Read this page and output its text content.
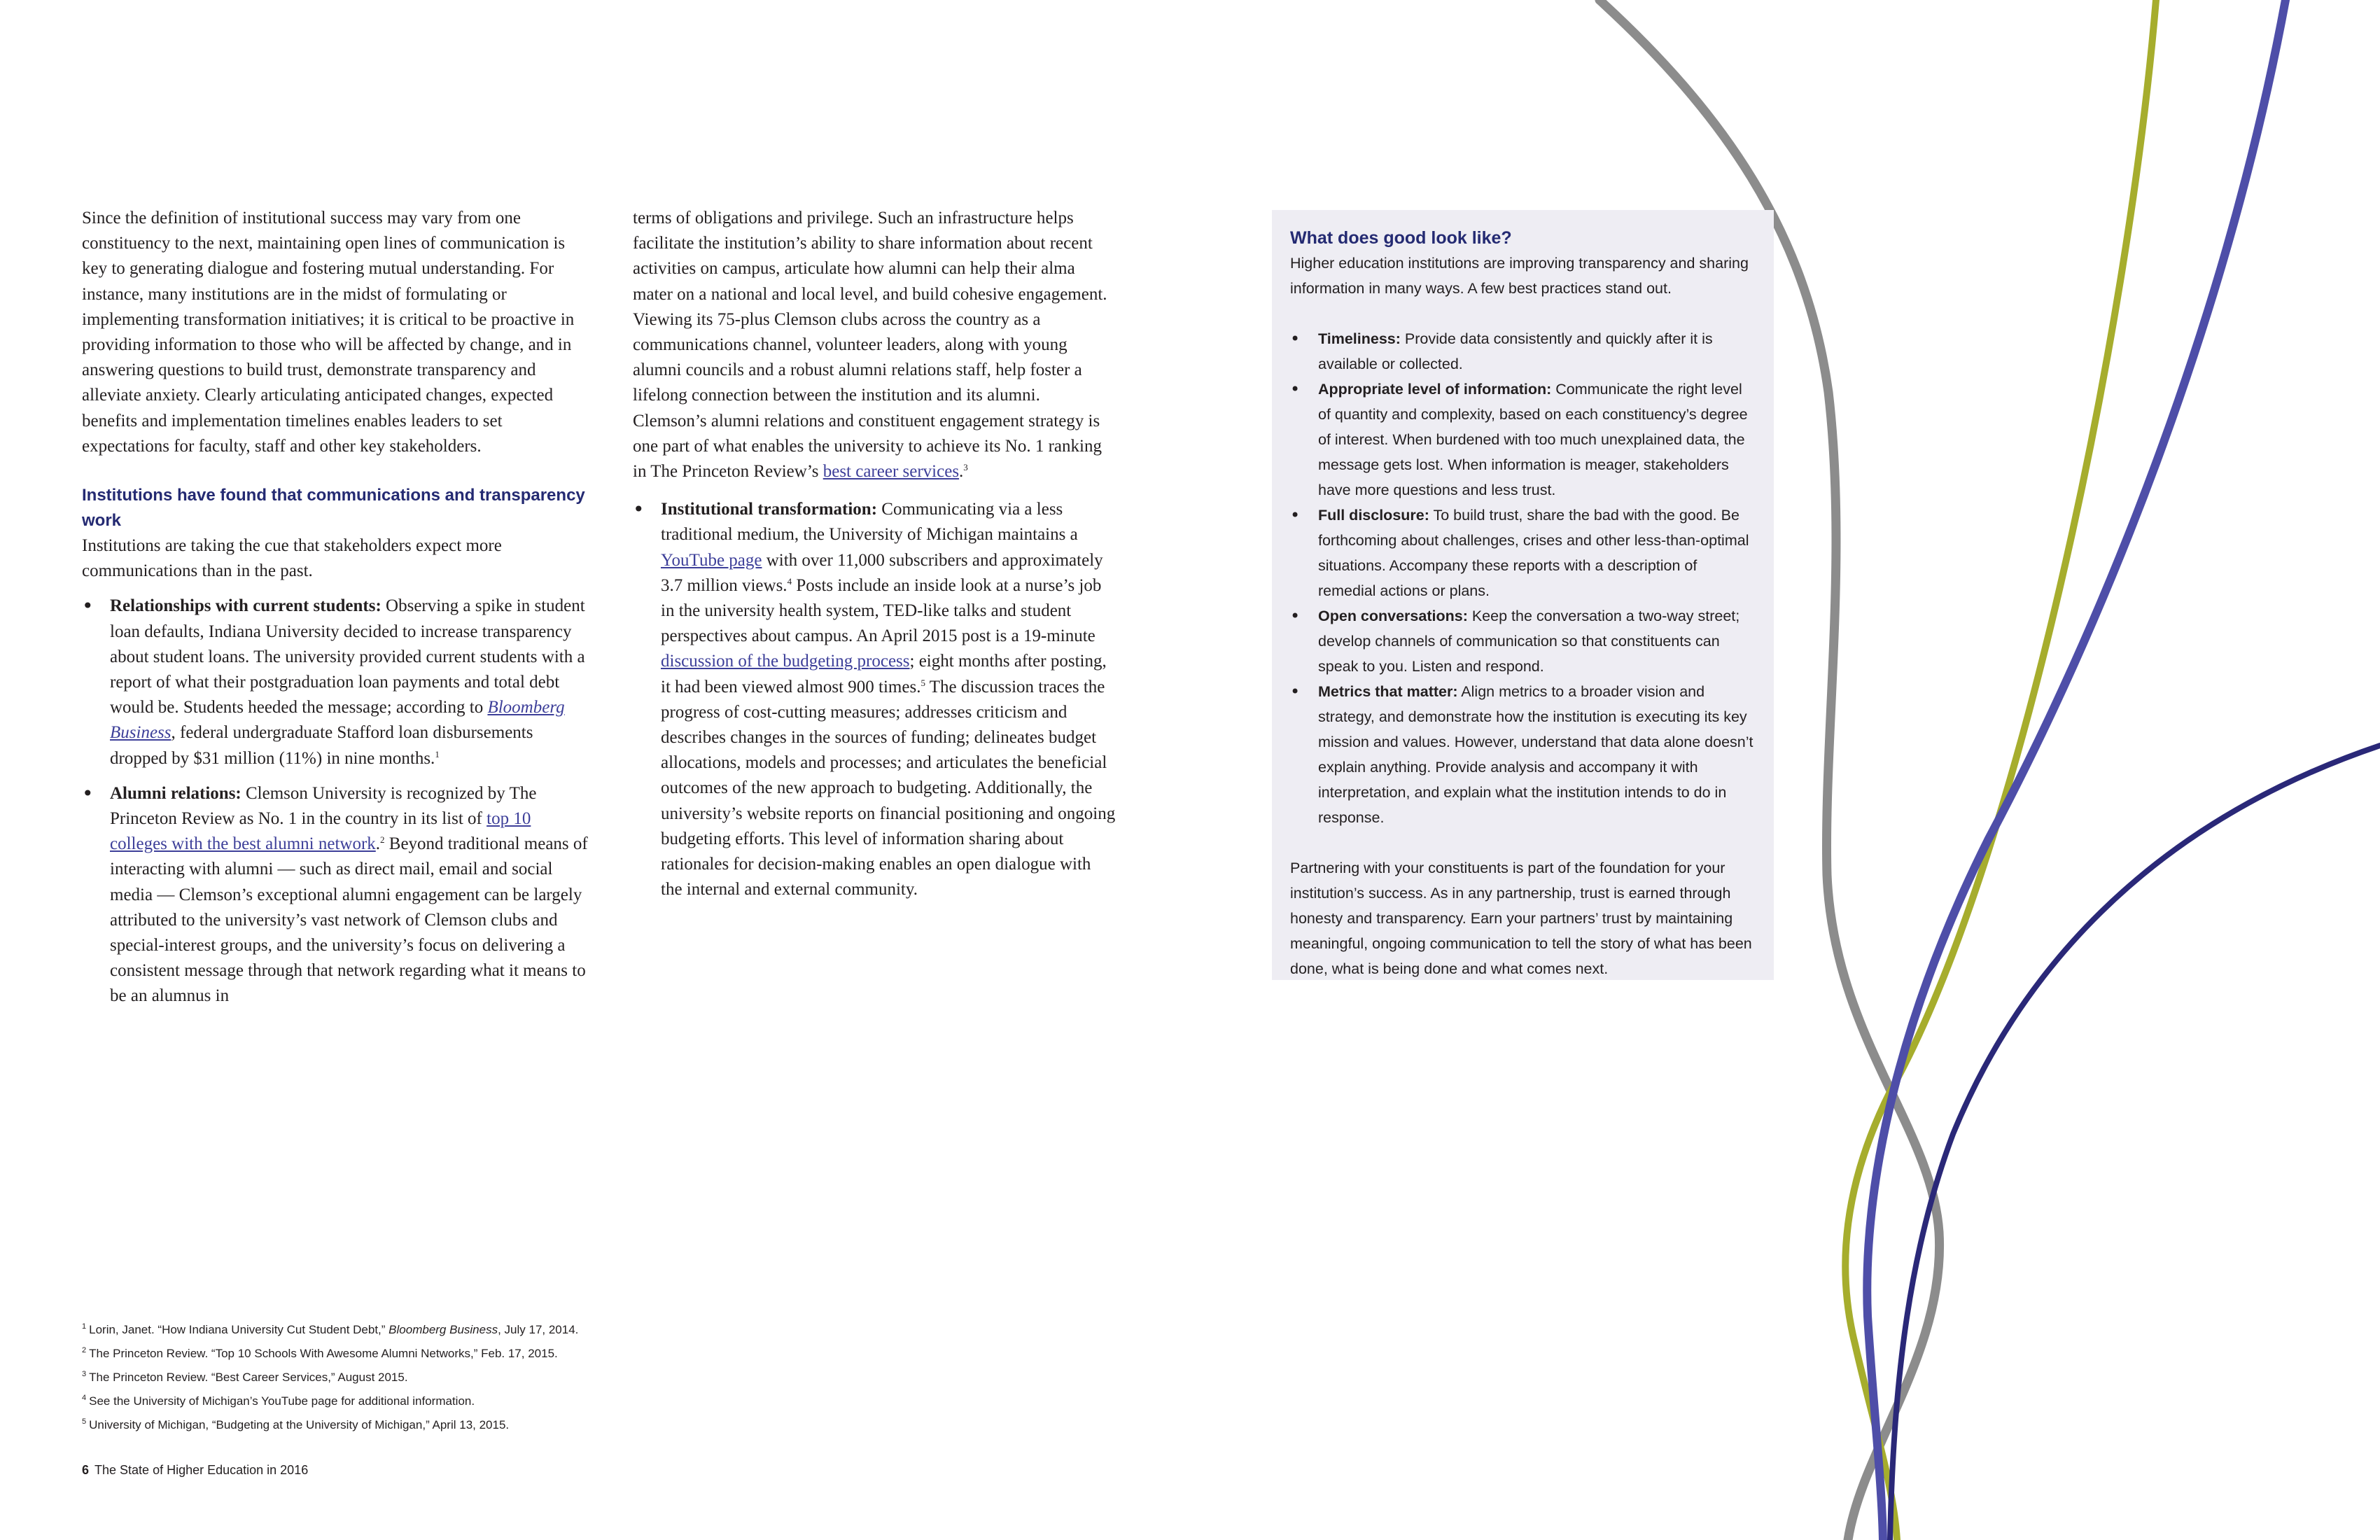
Since the definition of institutional success may vary from one constituency to the next, maintaining open lines of communication is key to generating dialogue and fostering mutual understanding. For instance, many institutions are in the midst of formulating or implementing transformation initiatives; it is critical to be proactive in providing information to those who will be affected by change, and in answering questions to build trust, demonstrate transparency and alleviate anxiety. Clearly articulating anticipated changes, expected benefits and implementation timelines enables leaders to set expectations for faculty, staff and other key stakeholders.

Institutions have found that communications and transparency work

Institutions are taking the cue that stakeholders expect more communications than in the past.

• Relationships with current students: Observing a spike in student loan defaults, Indiana University decided to increase transparency about student loans. The university provided current students with a report of what their postgraduation loan payments and total debt would be. Students heeded the message; according to Bloomberg Business, federal undergraduate Stafford loan disbursements dropped by $31 million (11%) in nine months.$^1$
• Alumni relations: Clemson University is recognized by The Princeton Review as No. 1 in the country in its list of top 10 colleges with the best alumni network.$^2$ Beyond traditional means of interacting with alumni — such as direct mail, email and social media — Clemson’s exceptional alumni engagement can be largely attributed to the university’s vast network of Clemson clubs and special-interest groups, and the university’s focus on delivering a consistent message through that network regarding what it means to be an alumnus in

terms of obligations and privilege. Such an infrastructure helps facilitate the institution’s ability to share information about recent activities on campus, articulate how alumni can help their alma mater on a national and local level, and build cohesive engagement. Viewing its 75-plus Clemson clubs across the country as a communications channel, volunteer leaders, along with young alumni councils and a robust alumni relations staff, help foster a lifelong connection between the institution and its alumni. Clemson’s alumni relations and constituent engagement strategy is one part of what enables the university to achieve its No. 1 ranking in The Princeton Review’s best career services.$^3$

• Institutional transformation: Communicating via a less traditional medium, the University of Michigan maintains a YouTube page with over 11,000 subscribers and approximately 3.7 million views.$^4$ Posts include an inside look at a nurse’s job in the university health system, TED-like talks and student perspectives about campus. An April 2015 post is a 19-minute discussion of the budgeting process; eight months after posting, it had been viewed almost 900 times.$^5$ The discussion traces the progress of cost-cutting measures; addresses criticism and describes changes in the sources of funding; delineates budget allocations, models and processes; and articulates the beneficial outcomes of the new approach to budgeting. Additionally, the university’s website reports on financial positioning and ongoing budgeting efforts. This level of information sharing about rationales for decision-making enables an open dialogue with the internal and external community.

What does good look like?

Higher education institutions are improving transparency and sharing information in many ways. A few best practices stand out.

• Timeliness: Provide data consistently and quickly after it is available or collected.
• Appropriate level of information: Communicate the right level of quantity and complexity, based on each constituency’s degree of interest. When burdened with too much unexplained data, the message gets lost. When information is meager, stakeholders have more questions and less trust.
• Full disclosure: To build trust, share the bad with the good. Be forthcoming about challenges, crises and other less-than-optimal situations. Accompany these reports with a description of remedial actions or plans.
• Open conversations: Keep the conversation a two-way street; develop channels of communication so that constituents can speak to you. Listen and respond.
• Metrics that matter: Align metrics to a broader vision and strategy, and demonstrate how the institution is executing its key mission and values. However, understand that data alone doesn’t explain anything. Provide analysis and accompany it with interpretation, and explain what the institution intends to do in response.

Partnering with your constituents is part of the foundation for your institution’s success. As in any partnership, trust is earned through honesty and transparency. Earn your partners’ trust by maintaining meaningful, ongoing communication to tell the story of what has been done, what is being done and what comes next.

$^1$ Lorin, Janet. “How Indiana University Cut Student Debt,” Bloomberg Business, July 17, 2014.
$^2$ The Princeton Review. “Top 10 Schools With Awesome Alumni Networks,” Feb. 17, 2015.
$^3$ The Princeton Review. “Best Career Services,” August 2015.
$^4$ See the University of Michigan’s YouTube page for additional information.
$^5$ University of Michigan, “Budgeting at the University of Michigan,” April 13, 2015.
6 The State of Higher Education in 2016
